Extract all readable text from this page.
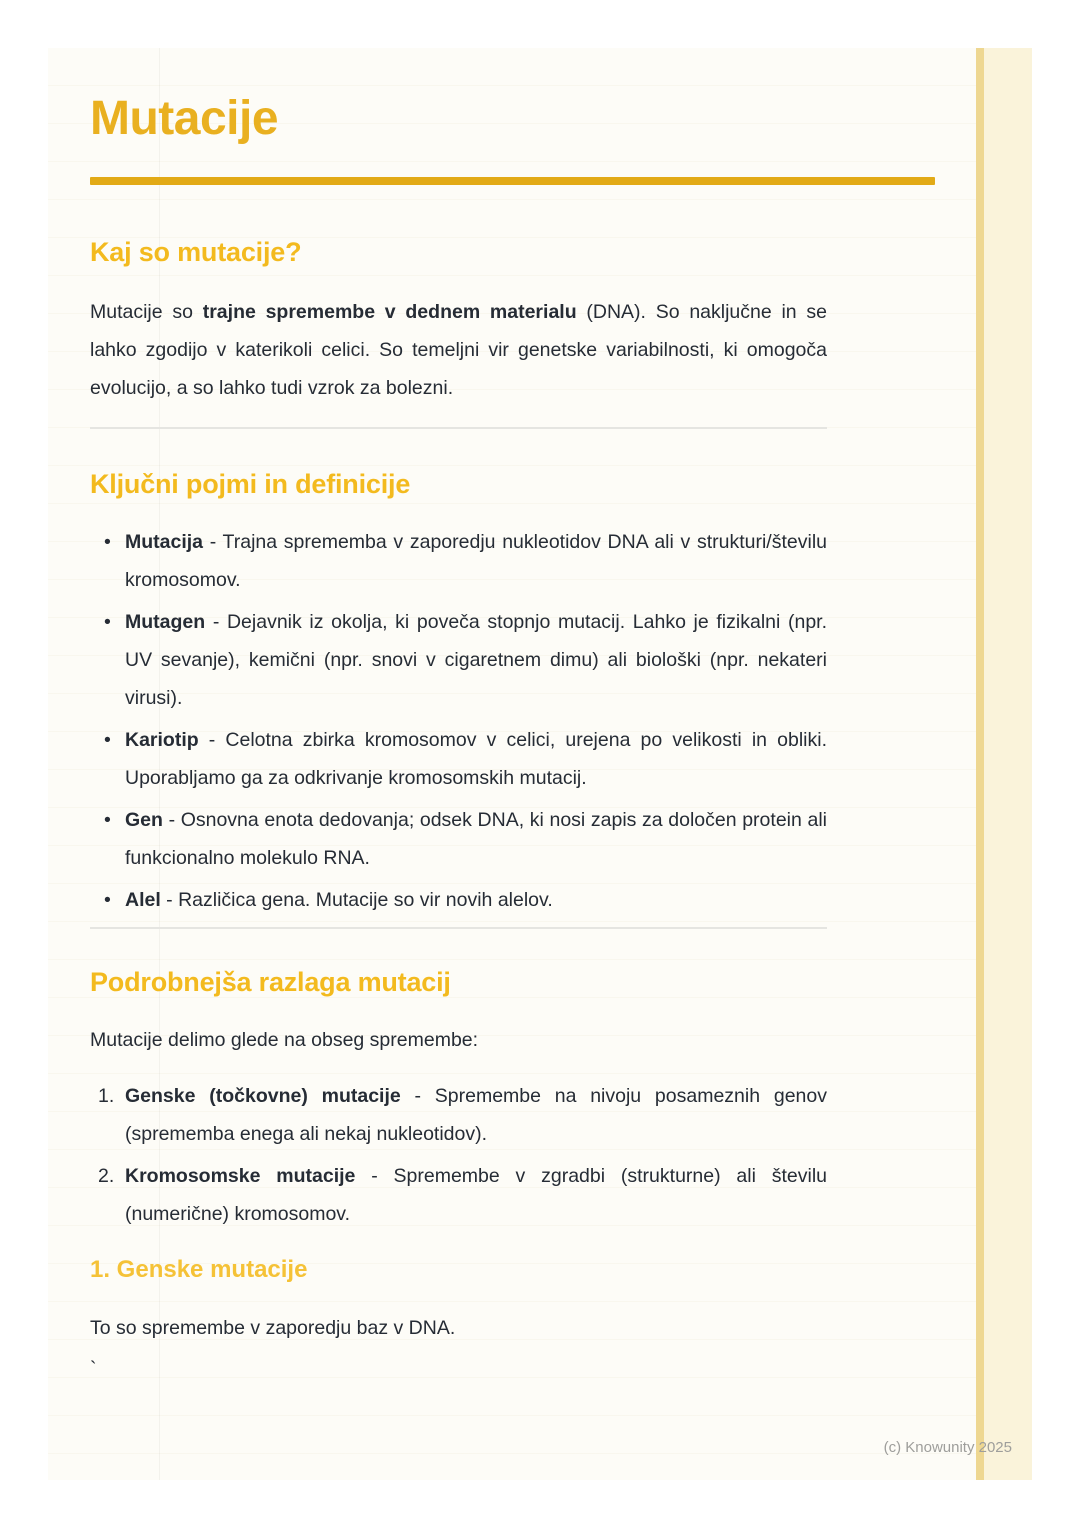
Mutacije
Kaj so mutacije?

Mutacije so trajne spremembe v dednem materialu (DNA). So naključne in se lahko zgodijo v katerikoli celici. So temeljni vir genetske variabilnosti, ki omogoča evolucijo, a so lahko tudi vzrok za bolezni.

Ključni pojmi in definicije
• Mutacija - Trajna sprememba v zaporedju nukleotidov DNA ali v strukturi/številu kromosomov.
• Mutagen - Dejavnik iz okolja, ki poveča stopnjo mutacij. Lahko je fizikalni (npr. UV sevanje), kemični (npr. snovi v cigaretnem dimu) ali biološki (npr. nekateri virusi).
• Kariotip - Celotna zbirka kromosomov v celici, urejena po velikosti in obliki. Uporabljamo ga za odkrivanje kromosomskih mutacij.
• Gen - Osnovna enota dedovanja; odsek DNA, ki nosi zapis za določen protein ali funkcionalno molekulo RNA.
• Alel - Različica gena. Mutacije so vir novih alelov.
Podrobnejša razlaga mutacij

Mutacije delimo glede na obseg spremembe:

1. Genske (točkovne) mutacije - Spremembe na nivoju posameznih genov (sprememba enega ali nekaj nukleotidov).
2. Kromosomske mutacije - Spremembe v zgradbi (strukturne) ali številu (numerične) kromosomov.
1. Genske mutacije

To so spremembe v zaporedju baz v DNA.

`
(c) Knowunity 2025
